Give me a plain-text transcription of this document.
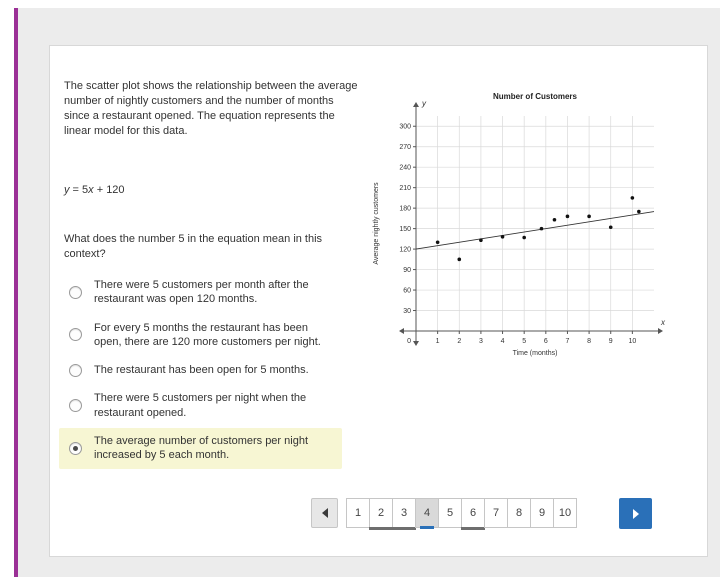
The scatter plot shows the relationship between the average number of nightly customers and the number of months since a restaurant opened. The equation represents the linear model for this data.
y = 5x + 120
What does the number 5 in the equation mean in this context?
There were 5 customers per month after the restaurant was open 120 months.
For every 5 months the restaurant has been open, there are 120 more customers per night.
The restaurant has been open for 5 months.
There were 5 customers per night when the restaurant opened.
The average number of customers per night increased by 5 each month.
y
x
30
60
90
120
150
180
210
240
270
300
1	2	3	4	5	6	7	8	9 10
0
Number of Customers
Time (months)
Average nightly customers
1	2	3	4	5	6	7	8	9	10
